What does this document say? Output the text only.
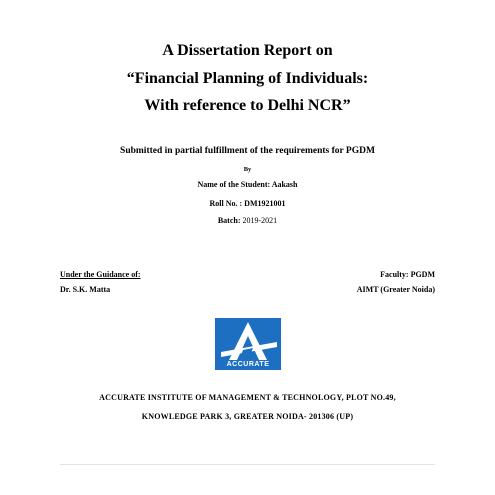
A Dissertation Report on
“Financial Planning of Individuals:
With reference to Delhi NCR”
Submitted in partial fulfillment of the requirements for PGDM
By
Name of the Student: Aakash
Roll No. : DM1921001
Batch: 2019-2021
Under the Guidance of:
Dr. S.K. Matta
Faculty: PGDM
AIMT (Greater Noida)
ACCURATE
ACCURATE INSTITUTE OF MANAGEMENT & TECHNOLOGY, PLOT NO.49,
KNOWLEDGE PARK 3, GREATER NOIDA- 201306 (UP)
